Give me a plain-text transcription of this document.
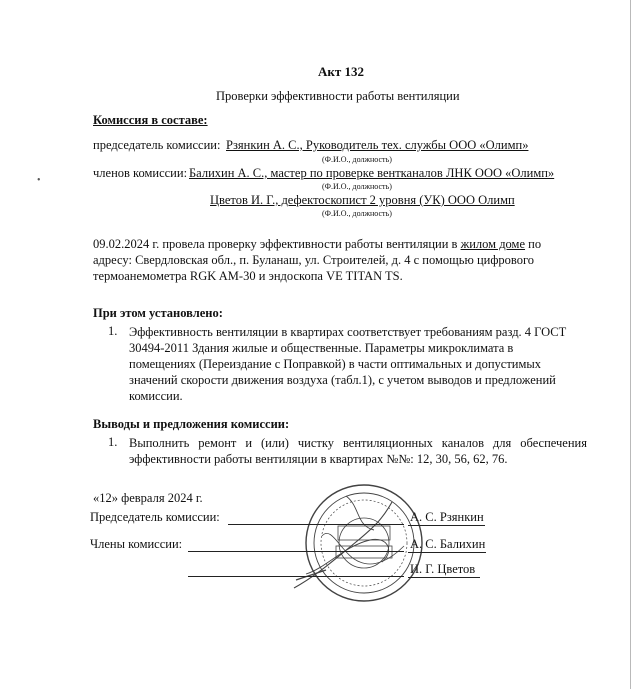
•
Акт 132
Проверки эффективности работы вентиляции
Комиссия в составе:
председатель комиссии: Рзянкин А. С., Руководитель тех. службы ООО «Олимп»
(Ф.И.О., должность)
членов комиссии: Балихин А. С., мастер по проверке вентканалов ЛНК ООО «Олимп»
(Ф.И.О., должность)
Цветов И. Г., дефектоскопист 2 уровня (УК) ООО Олимп
(Ф.И.О., должность)
09.02.2024 г. провела проверку эффективности работы вентиляции в жилом доме по адресу: Свердловская обл., п. Буланаш, ул. Строителей, д. 4 с помощью цифрового термоанемометра RGK AM-30 и эндоскопа VE TITAN TS.
При этом установлено:
1. Эффективность вентиляции в квартирах соответствует требованиям разд. 4 ГОСТ 30494-2011 Здания жилые и общественные. Параметры микроклимата в помещениях (Переиздание с Поправкой) в части оптимальных и допустимых значений скорости движения воздуха (табл.1), с учетом выводов и предложений комиссии.
Выводы и предложения комиссии:
1. Выполнить ремонт и (или) чистку вентиляционных каналов для обеспечения эффективности работы вентиляции в квартирах №№: 12, 30, 56, 62, 76.
«12» февраля 2024 г.
Председатель комиссии:	А. С. Рзянкин
Члены комиссии:	А. С. Балихин
И. Г. Цветов
